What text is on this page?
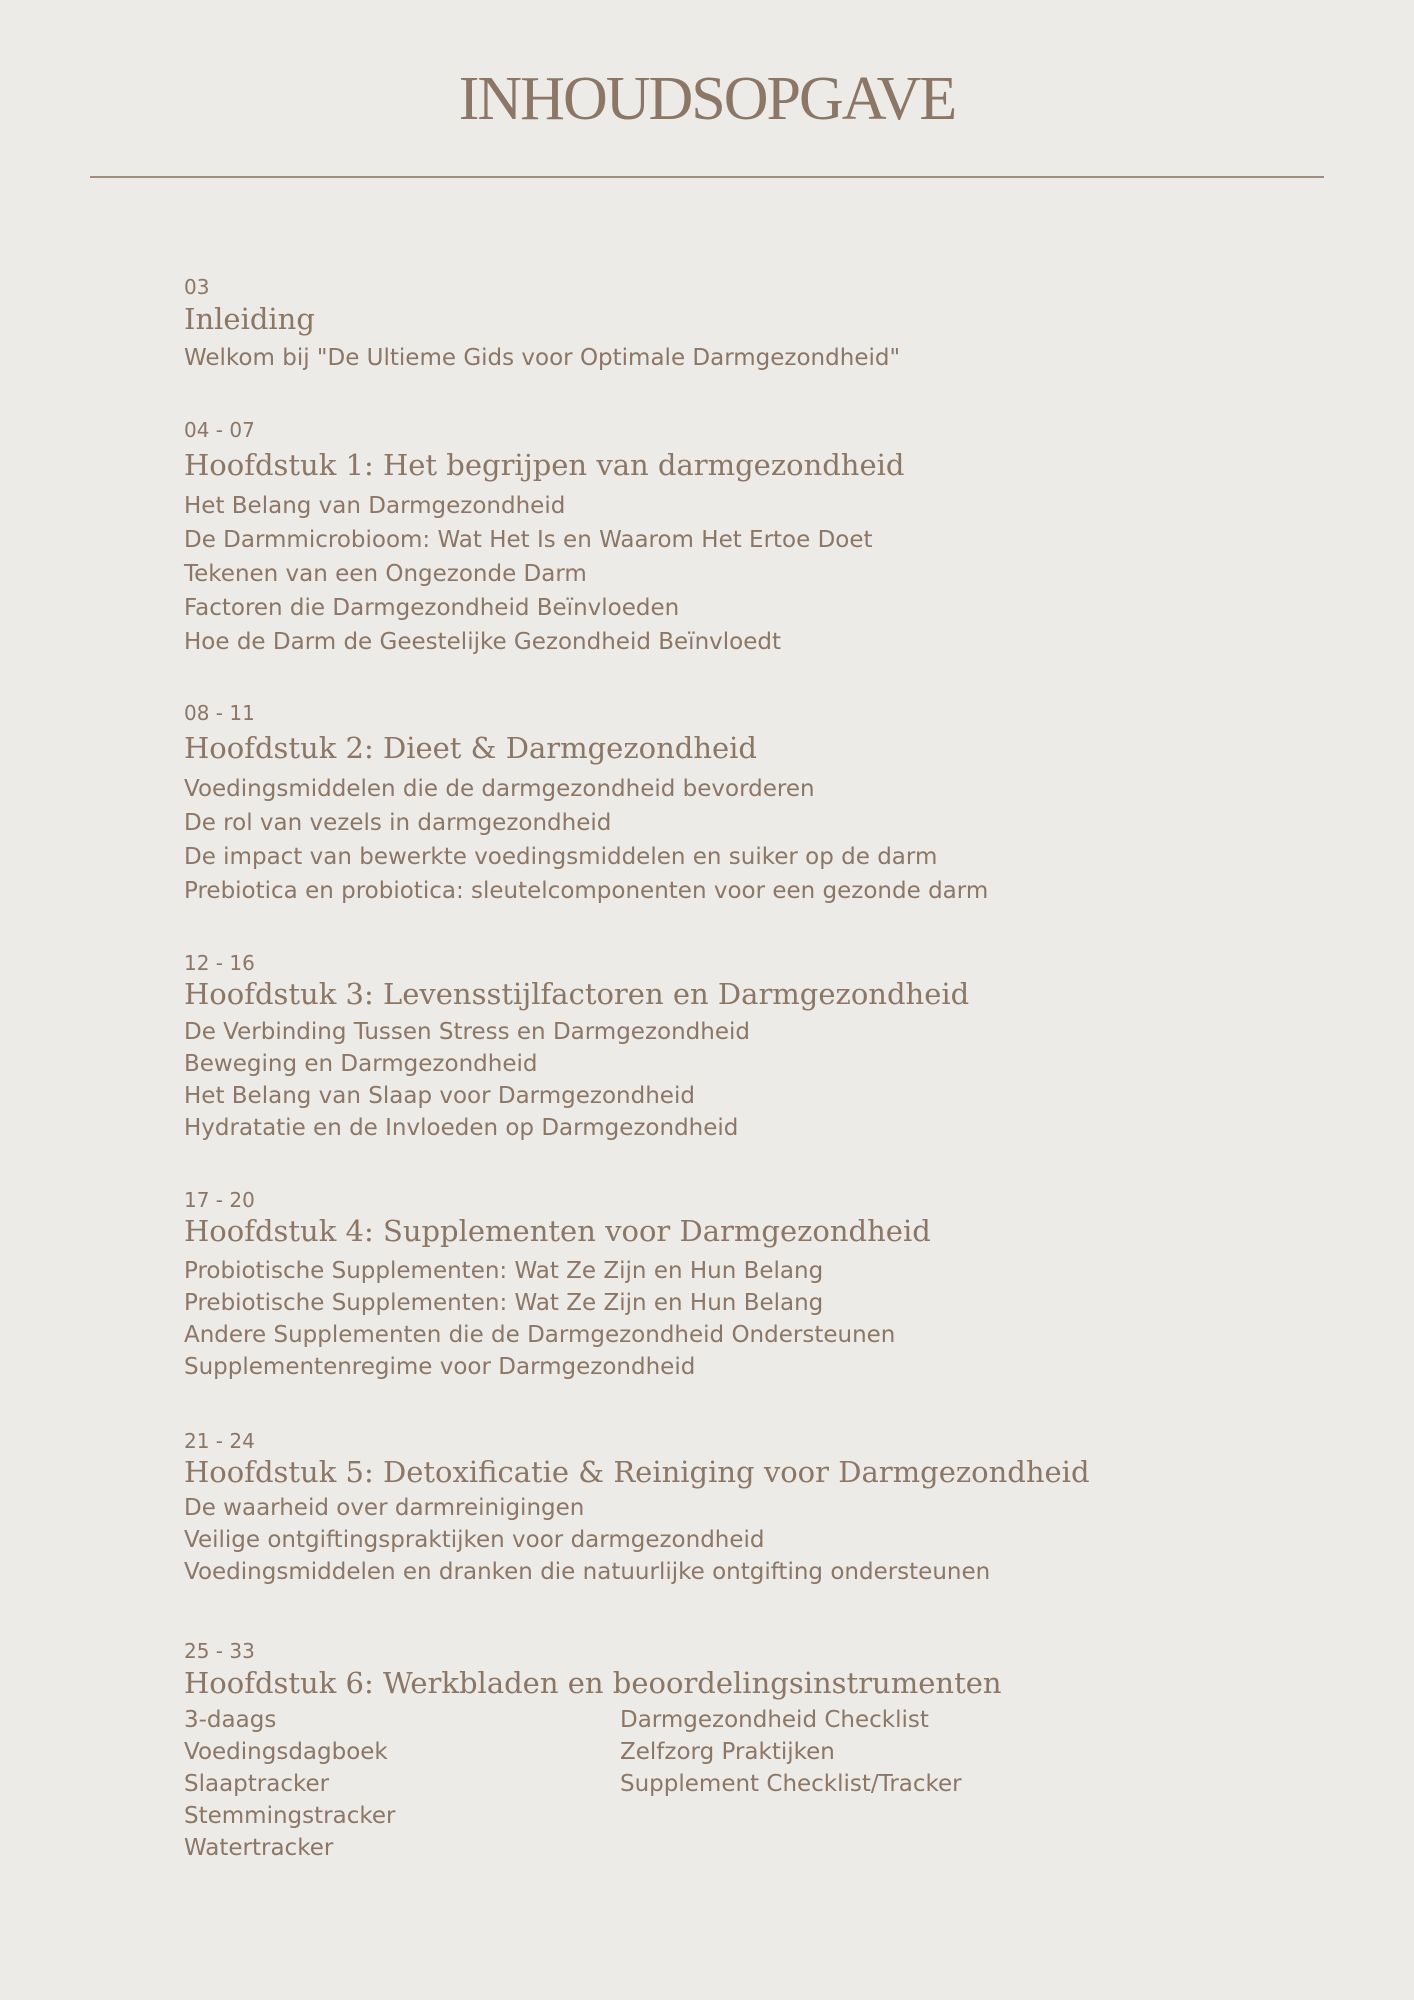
INHOUDSOPGAVE
03
Inleiding
Welkom bij "De Ultieme Gids voor Optimale Darmgezondheid"
04 - 07
Hoofdstuk 1: Het begrijpen van darmgezondheid
Het Belang van Darmgezondheid
De Darmmicrobioom: Wat Het Is en Waarom Het Ertoe Doet
Tekenen van een Ongezonde Darm
Factoren die Darmgezondheid Beïnvloeden
Hoe de Darm de Geestelijke Gezondheid Beïnvloedt
08 - 11
Hoofdstuk 2: Dieet & Darmgezondheid
Voedingsmiddelen die de darmgezondheid bevorderen
De rol van vezels in darmgezondheid
De impact van bewerkte voedingsmiddelen en suiker op de darm
Prebiotica en probiotica: sleutelcomponenten voor een gezonde darm
12 - 16
Hoofdstuk 3: Levensstijlfactoren en Darmgezondheid
De Verbinding Tussen Stress en Darmgezondheid
Beweging en Darmgezondheid
Het Belang van Slaap voor Darmgezondheid
Hydratatie en de Invloeden op Darmgezondheid
17 - 20
Hoofdstuk 4: Supplementen voor Darmgezondheid
Probiotische Supplementen: Wat Ze Zijn en Hun Belang
Prebiotische Supplementen: Wat Ze Zijn en Hun Belang
Andere Supplementen die de Darmgezondheid Ondersteunen
Supplementenregime voor Darmgezondheid
21 - 24
Hoofdstuk 5: Detoxificatie & Reiniging voor Darmgezondheid
De waarheid over darmreinigingen
Veilige ontgiftingspraktijken voor darmgezondheid
Voedingsmiddelen en dranken die natuurlijke ontgifting ondersteunen
25 - 33
Hoofdstuk 6: Werkbladen en beoordelingsinstrumenten
3-daags
Voedingsdagboek
Slaaptracker
Stemmingstracker
Watertracker
Darmgezondheid Checklist
Zelfzorg Praktijken
Supplement Checklist/Tracker
